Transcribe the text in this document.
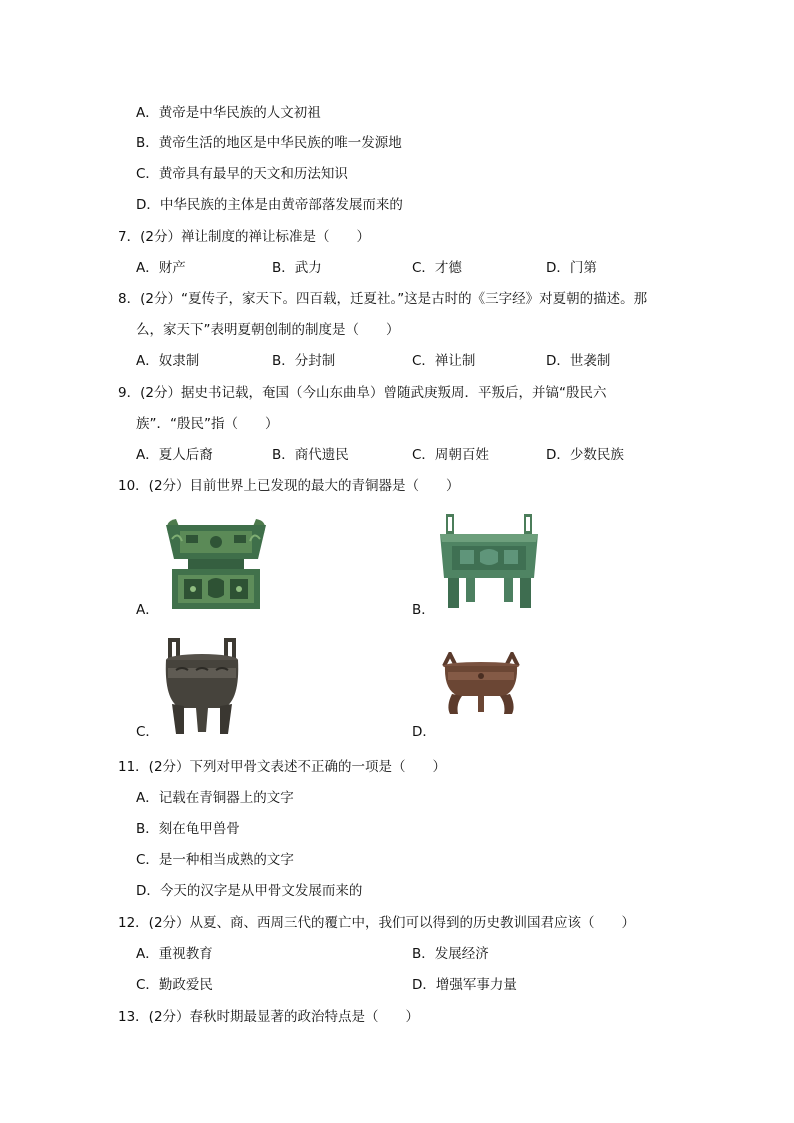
A．黄帝是中华民族的人文初祖
B．黄帝生活的地区是中华民族的唯一发源地
C．黄帝具有最早的天文和历法知识
D．中华民族的主体是由黄帝部落发展而来的
7．(2分）禅让制度的禅让标准是（　　）
A．财产	B．武力	C．才德	D．门第
8．(2分）“夏传子，家天下。四百载，迁夏社。”这是古时的《三字经》对夏朝的描述。那
么，家天下”表明夏朝创制的制度是（　　）
A．奴隶制	B．分封制	C．禅让制	D．世袭制
9．(2分）据史书记载，奄国（今山东曲阜）曾随武庚叛周．平叛后，并镐“殷民六
族”．“殷民”指（　　）
A．夏人后裔	B．商代遗民	C．周朝百姓	D．少数民族
10．(2分）目前世界上已发现的最大的青铜器是（　　）
A．	B．
C．	D．
11．(2分）下列对甲骨文表述不正确的一项是（　　）
A．记载在青铜器上的文字
B．刻在龟甲兽骨
C．是一种相当成熟的文字
D．今天的汉字是从甲骨文发展而来的
12．(2分）从夏、商、西周三代的覆亡中，我们可以得到的历史教训国君应该（　　）
A．重视教育	B．发展经济
C．勤政爱民	D．增强军事力量
13．(2分）春秋时期最显著的政治特点是（　　）
